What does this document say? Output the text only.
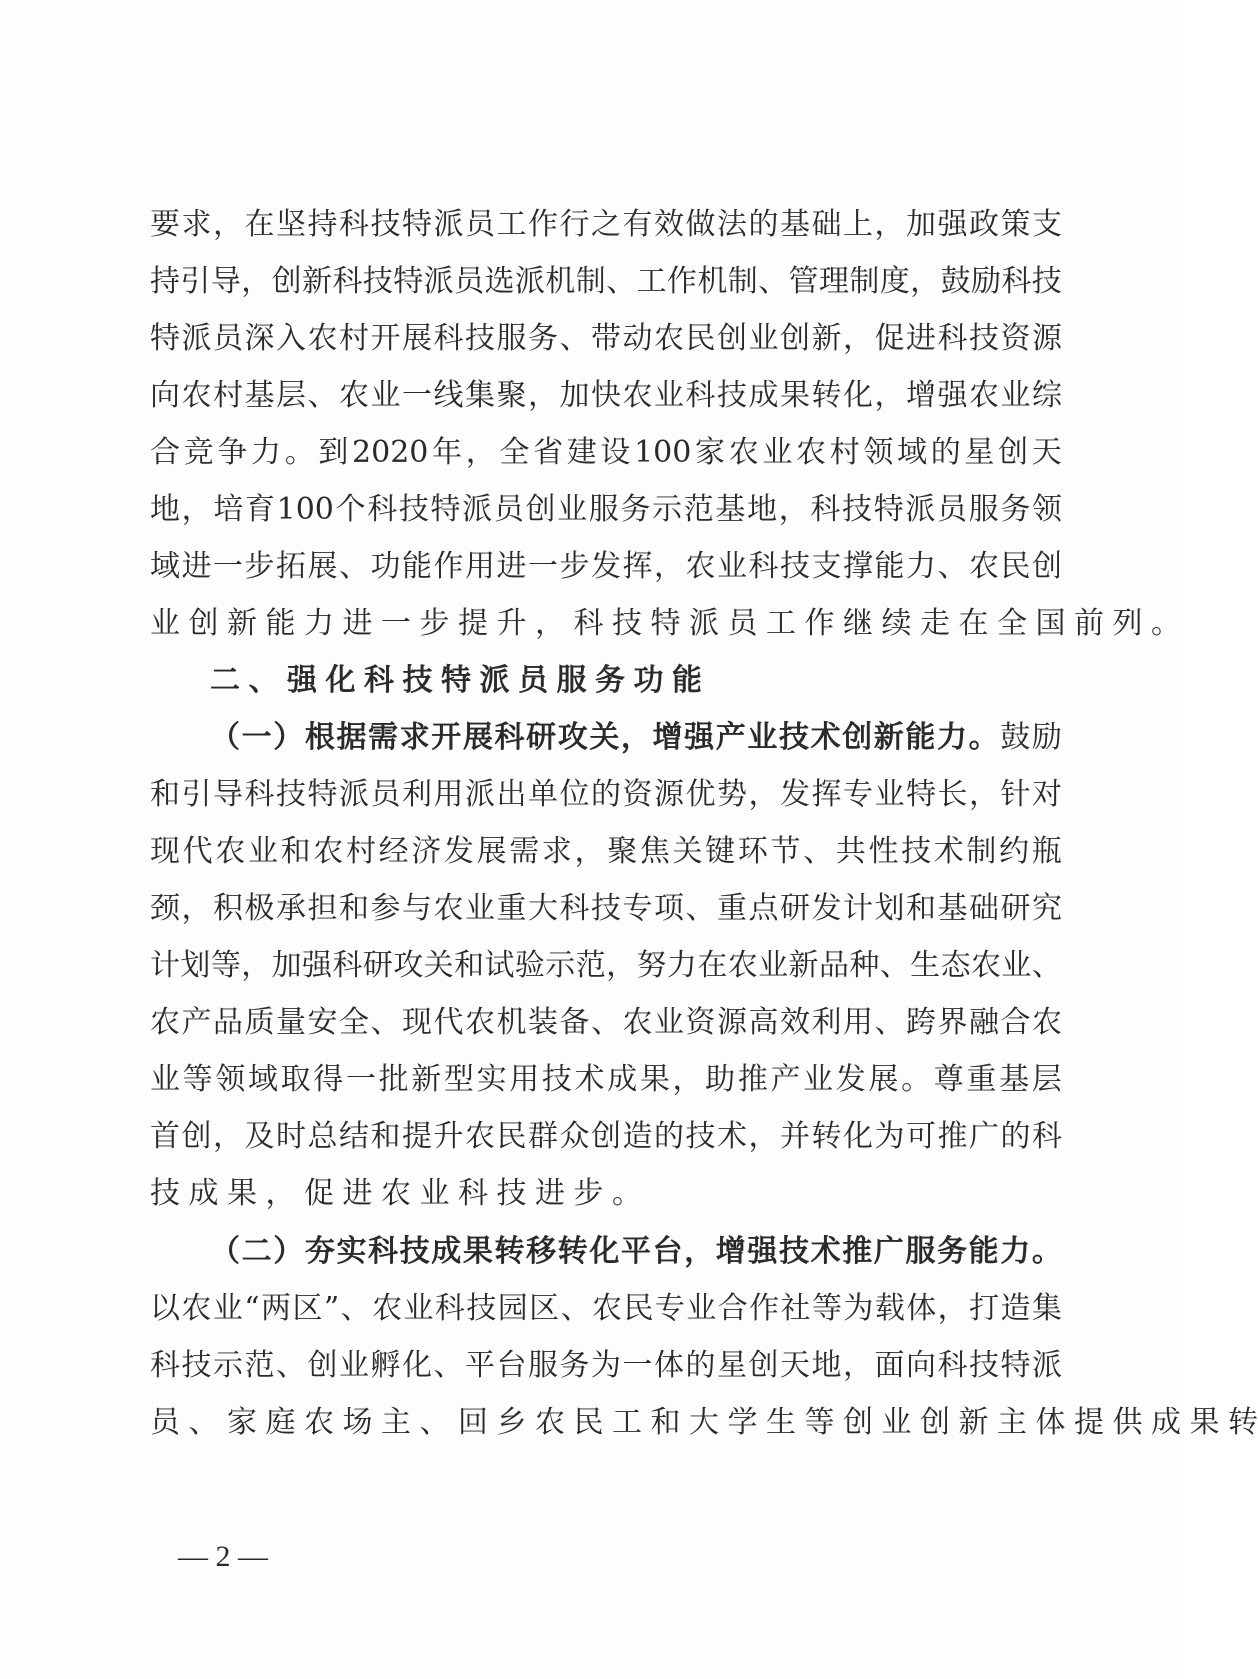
要 求 ， 在 坚 持 科 技 特 派 员 工 作 行 之 有 效 做 法 的 基 础 上 ， 加 强 政 策 支
持 引 导 ， 创 新 科 技 特 派 员 选 派 机 制 、 工 作 机 制 、 管 理 制 度 ， 鼓 励 科 技
特 派 员 深 入 农 村 开 展 科 技 服 务 、 带 动 农 民 创 业 创 新 ， 促 进 科 技 资 源
向 农 村 基 层 、 农 业 一 线 集 聚 ， 加 快 农 业 科 技 成 果 转 化 ， 增 强 农 业 综
合 竞 争 力 。 到 2020 年 ， 全 省 建 设 100 家 农 业 农 村 领 域 的 星 创 天
地 ， 培 育 100 个 科 技 特 派 员 创 业 服 务 示 范 基 地 ， 科 技 特 派 员 服 务 领
域 进 一 步 拓 展 、 功 能 作 用 进 一 步 发 挥 ， 农 业 科 技 支 撑 能 力 、 农 民 创
业 创 新 能 力 进 一 步 提 升 ， 科 技 特 派 员 工 作 继 续 走 在 全 国 前 列 。
二 、 强 化 科 技 特 派 员 服 务 功 能
（ 一 ） 根 据 需 求 开 展 科 研 攻 关 ， 增 强 产 业 技 术 创 新 能 力 。 鼓 励
和 引 导 科 技 特 派 员 利 用 派 出 单 位 的 资 源 优 势 ， 发 挥 专 业 特 长 ， 针 对
现 代 农 业 和 农 村 经 济 发 展 需 求 ， 聚 焦 关 键 环 节 、 共 性 技 术 制 约 瓶
颈 ， 积 极 承 担 和 参 与 农 业 重 大 科 技 专 项 、 重 点 研 发 计 划 和 基 础 研 究
计 划 等 ， 加 强 科 研 攻 关 和 试 验 示 范 ， 努 力 在 农 业 新 品 种 、 生 态 农 业 、
农 产 品 质 量 安 全 、 现 代 农 机 装 备 、 农 业 资 源 高 效 利 用 、 跨 界 融 合 农
业 等 领 域 取 得 一 批 新 型 实 用 技 术 成 果 ， 助 推 产 业 发 展 。 尊 重 基 层
首 创 ， 及 时 总 结 和 提 升 农 民 群 众 创 造 的 技 术 ， 并 转 化 为 可 推 广 的 科
技 成 果 ， 促 进 农 业 科 技 进 步 。
（ 二 ） 夯 实 科 技 成 果 转 移 转 化 平 台 ， 增 强 技 术 推 广 服 务 能 力 。
以 农 业 “ 两 区 ” 、 农 业 科 技 园 区 、 农 民 专 业 合 作 社 等 为 载 体 ， 打 造 集
科 技 示 范 、 创 业 孵 化 、 平 台 服 务 为 一 体 的 星 创 天 地 ， 面 向 科 技 特 派
员 、 家 庭 农 场 主 、 回 乡 农 民 工 和 大 学 生 等 创 业 创 新 主 体 提 供 成 果 转
— 2 —
